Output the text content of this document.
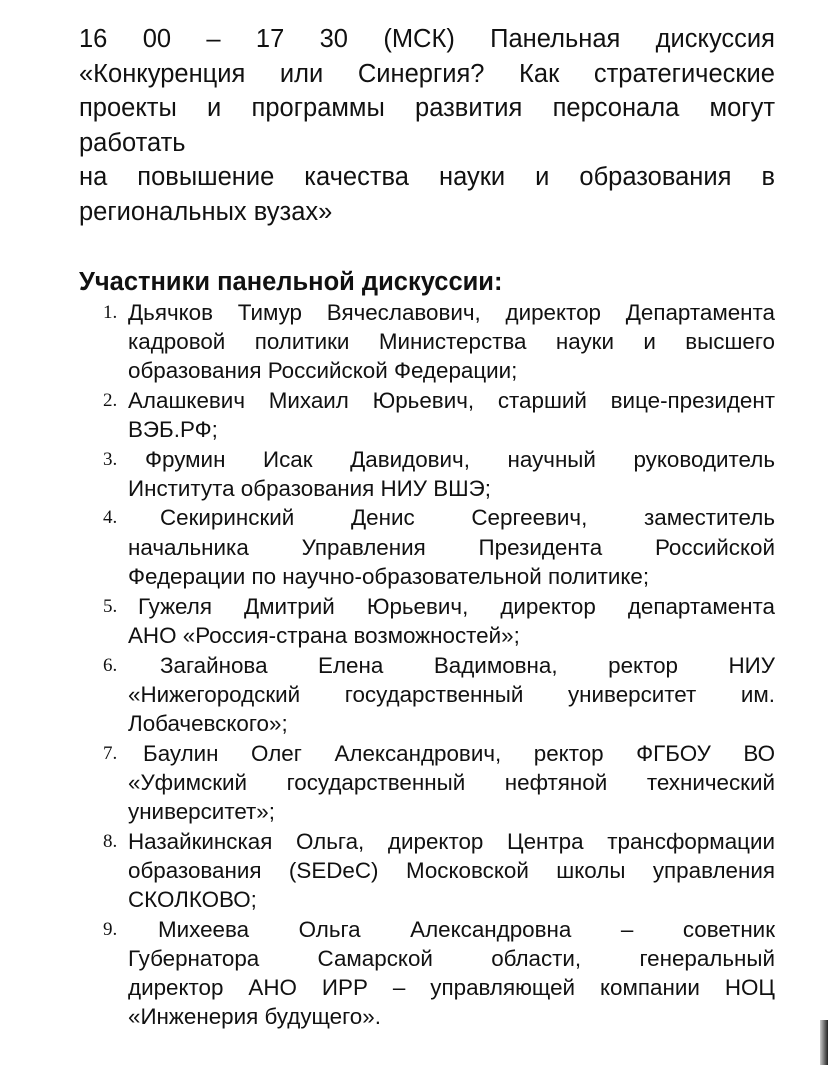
16 00 – 17 30 (МСК) Панельная дискуссия

«Конкуренция или Синергия? Как стратегические

проекты и программы развития персонала могут

работать

на повышение качества науки и образования в

региональных вузах»

Участники панельной дискуссии:
1. Дьячков Тимур Вячеславович, директор Департамента
кадровой политики Министерства науки и высшего
образования Российской Федерации;
2. Алашкевич Михаил Юрьевич, старший вице-президент
ВЭБ.РФ;
3.	Фрумин Исак Давидович, научный руководитель
Института образования НИУ ВШЭ;
4.	Секиринский Денис Сергеевич, заместитель
начальника Управления Президента Российской
Федерации по научно-образовательной политике;
5. Гужеля Дмитрий Юрьевич, директор департамента
АНО «Россия-страна возможностей»;
6.	Загайнова Елена Вадимовна, ректор НИУ
«Нижегородский государственный университет им.
Лобачевского»;
7.	Баулин Олег Александрович, ректор ФГБОУ ВО
«Уфимский государственный нефтяной технический
университет»;
8. Назайкинская Ольга, директор Центра трансформации
образования (SEDeC) Московской школы управления
СКОЛКОВО;
9.	Михеева Ольга Александровна – советник
Губернатора Самарской области, генеральный
директор АНО ИРР – управляющей компании НОЦ
«Инженерия будущего».
